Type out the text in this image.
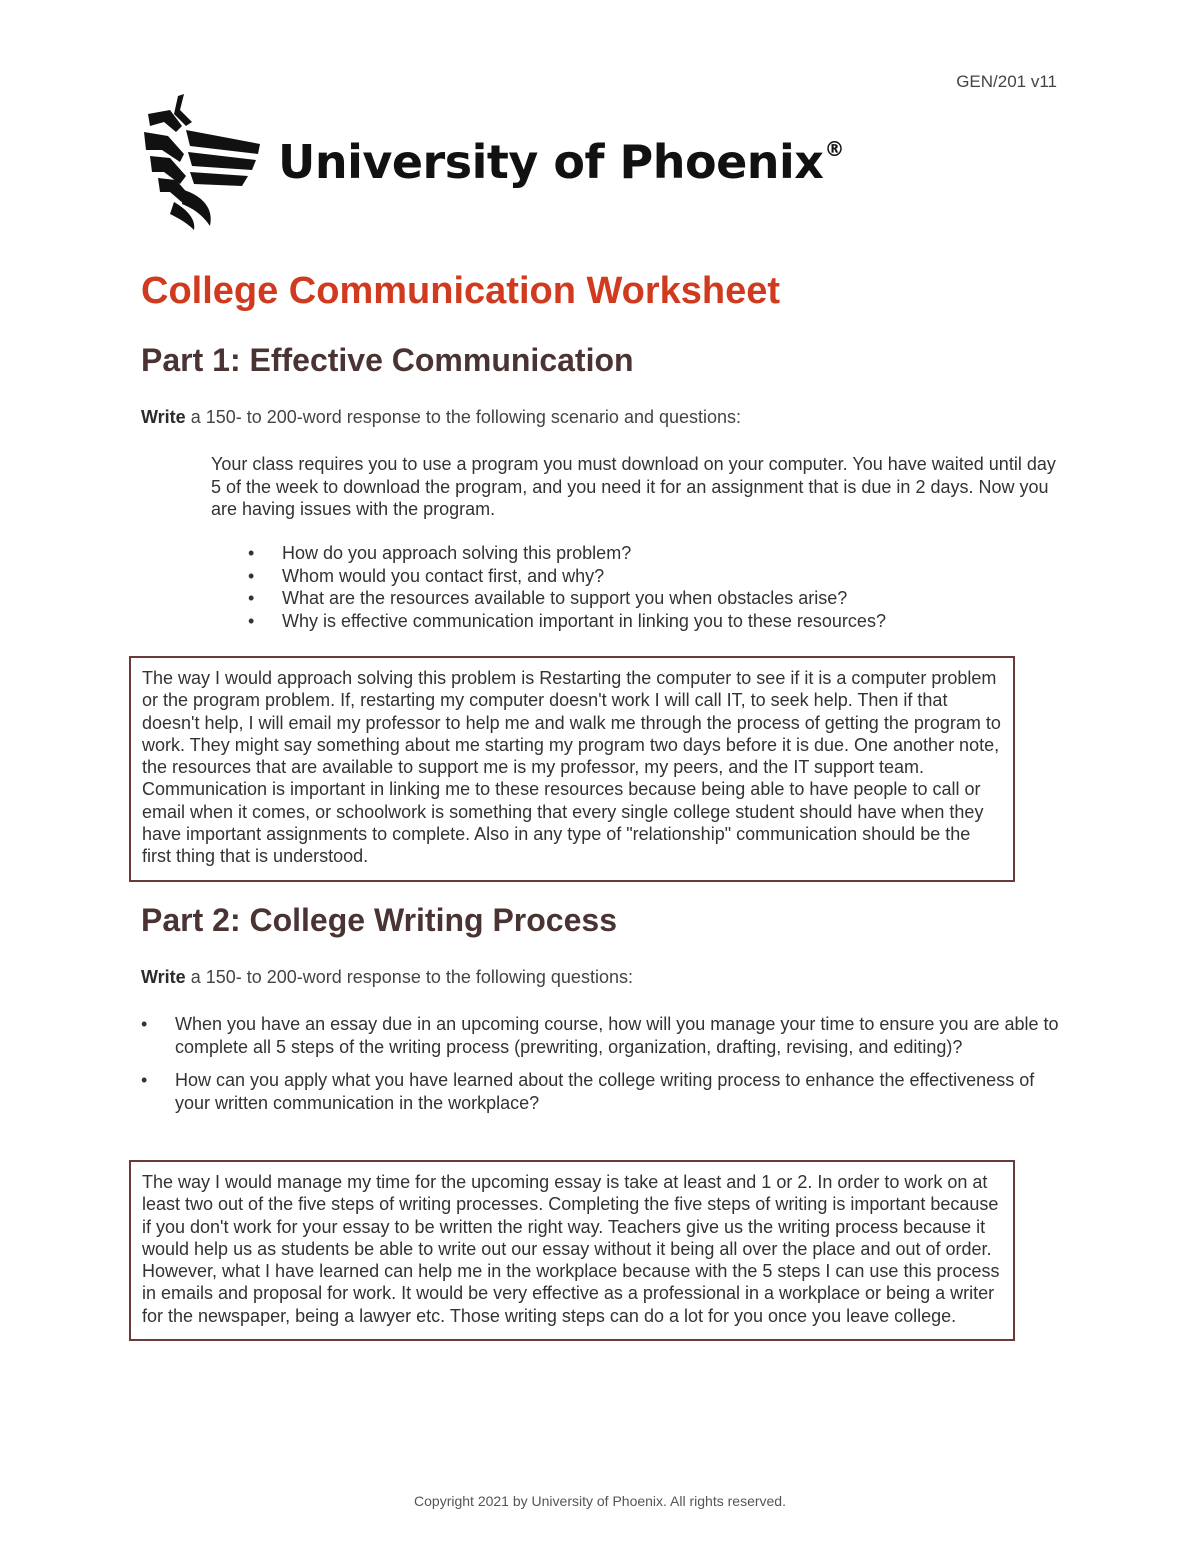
GEN/201 v11
University of Phoenix®
College Communication Worksheet
Part 1: Effective Communication

Write a 150- to 200-word response to the following scenario and questions:

Your class requires you to use a program you must download on your computer. You have waited until day 5 of the week to download the program, and you need it for an assignment that is due in 2 days. Now you are having issues with the program.

• How do you approach solving this problem?
• Whom would you contact first, and why?
• What are the resources available to support you when obstacles arise?
• Why is effective communication important in linking you to these resources?
The way I would approach solving this problem is Restarting the computer to see if it is a computer problem or the program problem. If, restarting my computer doesn't work I will call IT, to seek help. Then if that doesn't help, I will email my professor to help me and walk me through the process of getting the program to work. They might say something about me starting my program two days before it is due. One another note, the resources that are available to support me is my professor, my peers, and the IT support team. Communication is important in linking me to these resources because being able to have people to call or email when it comes, or schoolwork is something that every single college student should have when they have important assignments to complete. Also in any type of "relationship" communication should be the first thing that is understood.
Part 2: College Writing Process

Write a 150- to 200-word response to the following questions:

• When you have an essay due in an upcoming course, how will you manage your time to ensure you are able to complete all 5 steps of the writing process (prewriting, organization, drafting, revising, and editing)?
• How can you apply what you have learned about the college writing process to enhance the effectiveness of your written communication in the workplace?
The way I would manage my time for the upcoming essay is take at least and 1 or 2. In order to work on at least two out of the five steps of writing processes. Completing the five steps of writing is important because if you don't work for your essay to be written the right way. Teachers give us the writing process because it would help us as students be able to write out our essay without it being all over the place and out of order. However, what I have learned can help me in the workplace because with the 5 steps I can use this process in emails and proposal for work. It would be very effective as a professional in a workplace or being a writer for the newspaper, being a lawyer etc. Those writing steps can do a lot for you once you leave college.
Copyright 2021 by University of Phoenix. All rights reserved.
